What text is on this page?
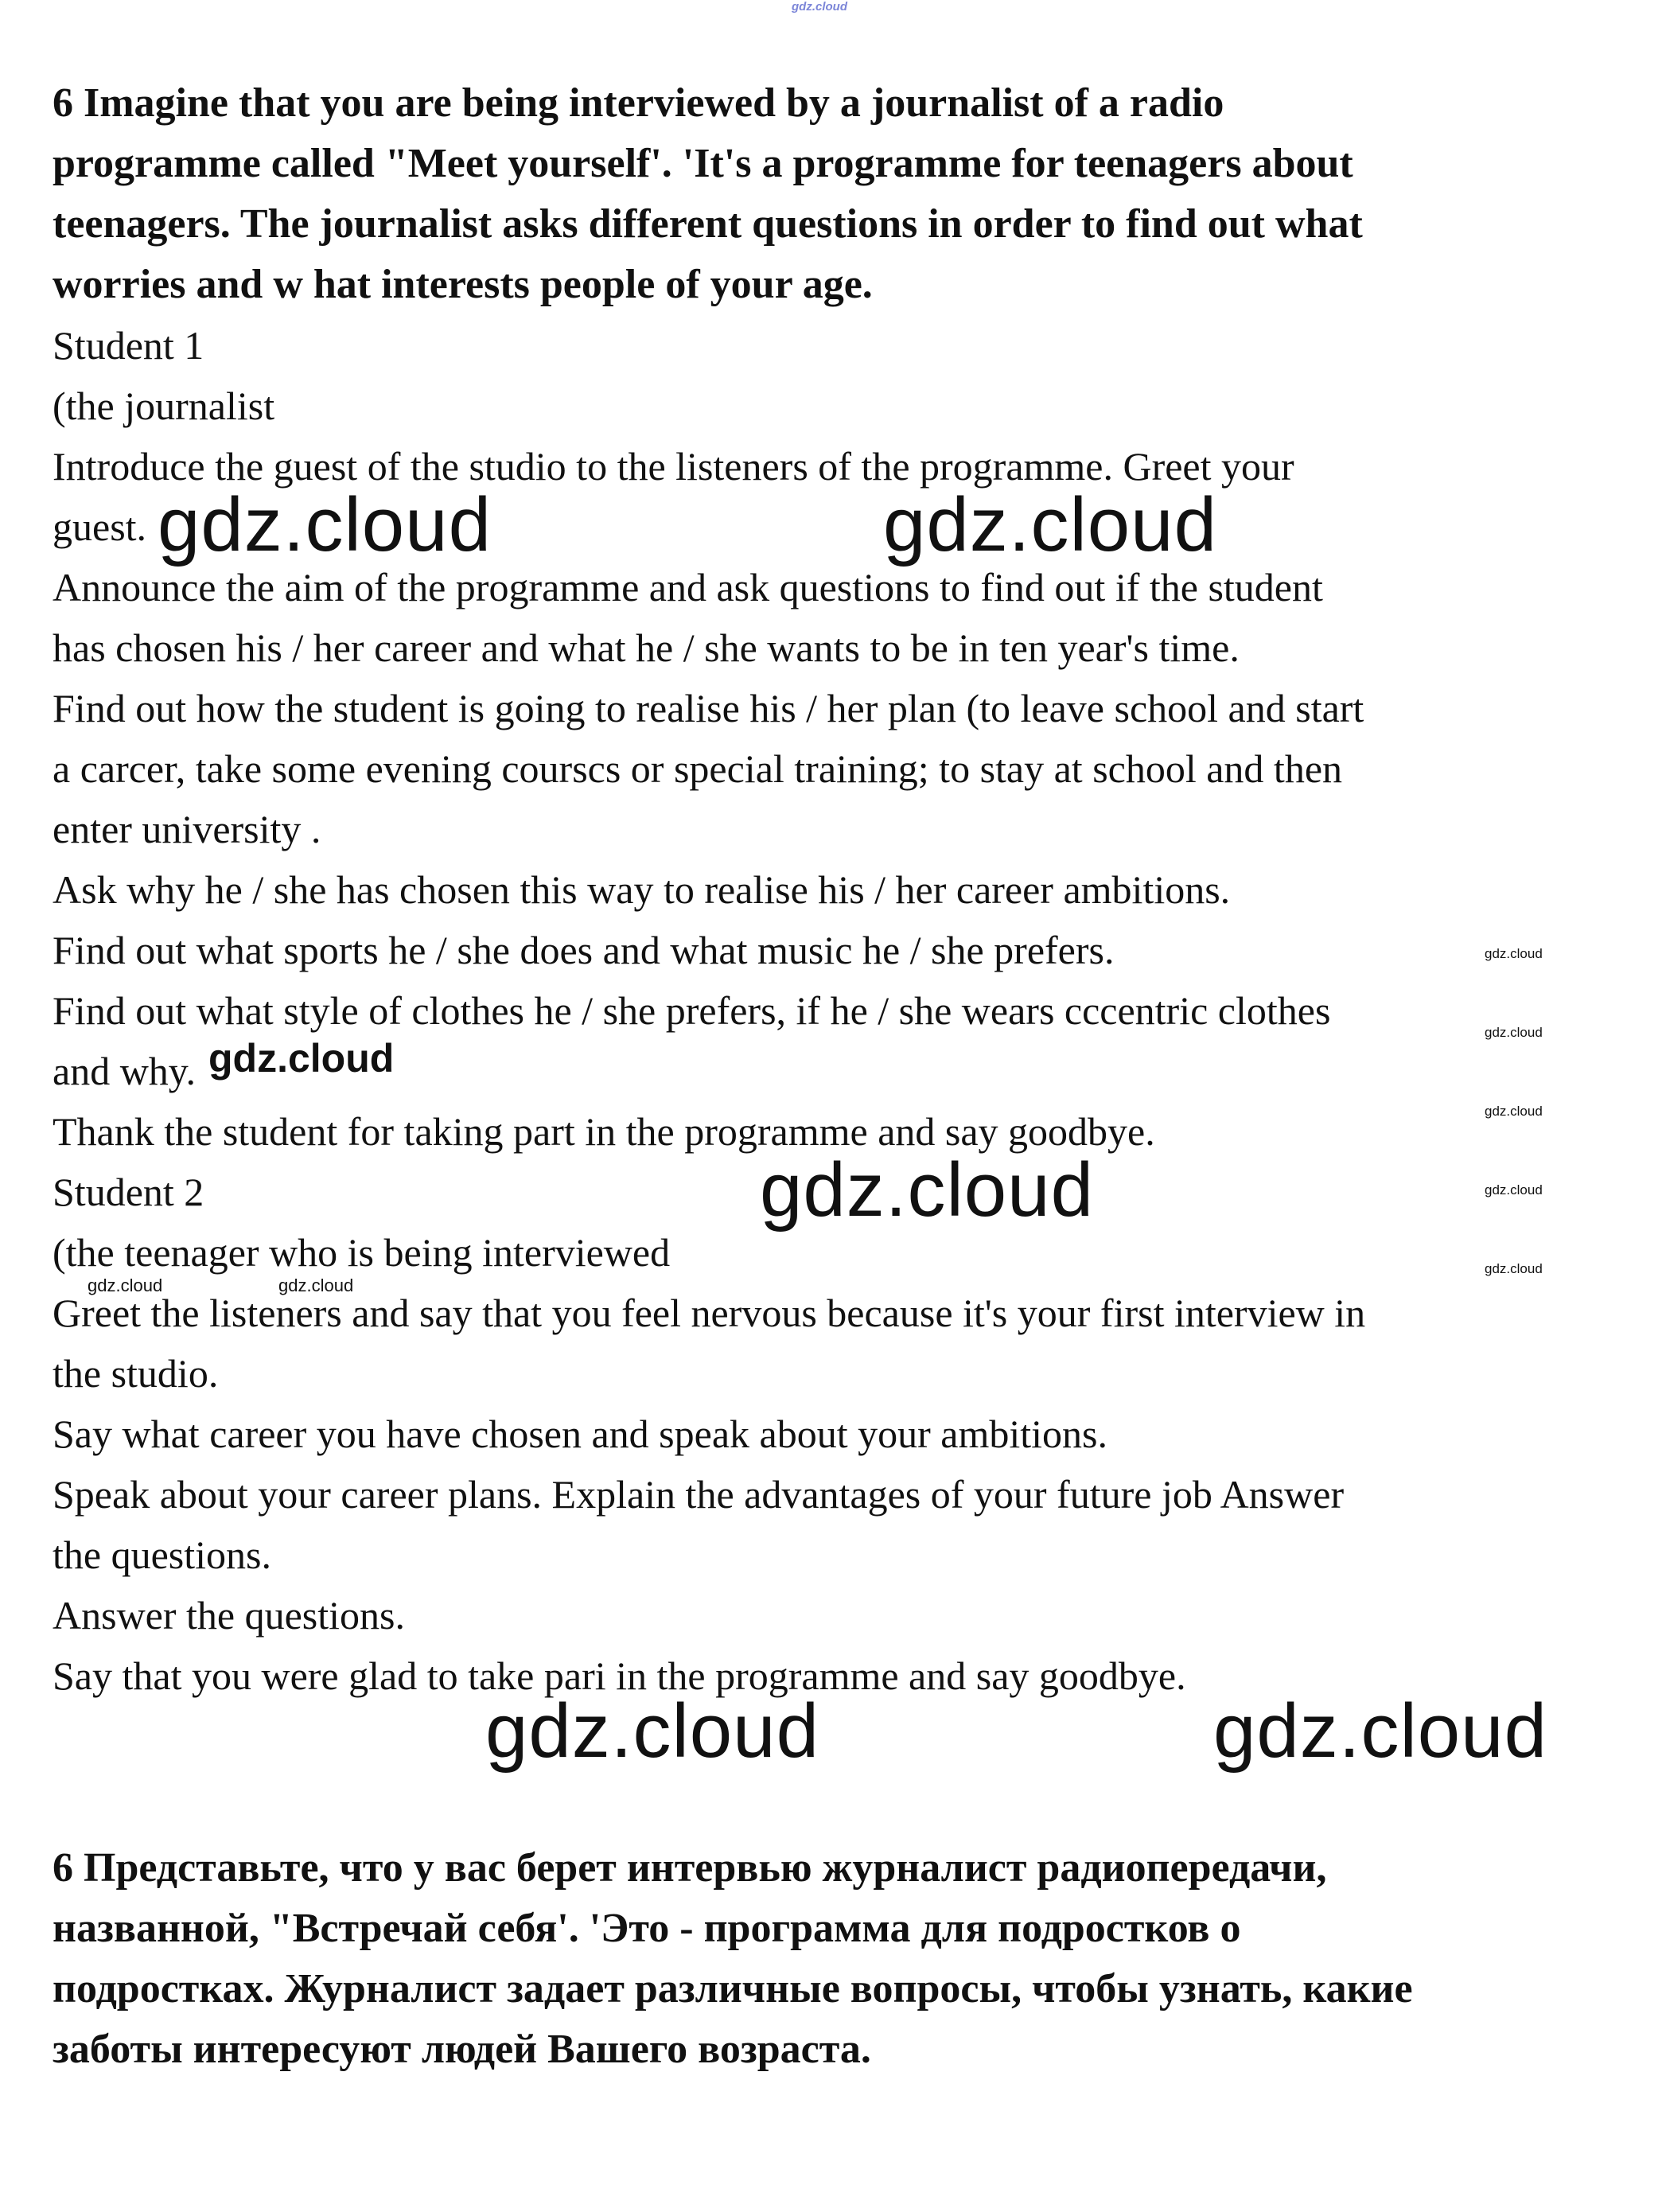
gdz.cloud
6 Imagine that you are being interviewed by a journalist of a radio
programme called "Meet yourself'. 'It's a programme for teenagers about
teenagers. The journalist asks different questions in order to find out what
worries and w hat interests people of your age.
Student 1
(the journalist
Introduce the guest of the studio to the listeners of the programme. Greet your
guest.
Announce the aim of the programme and ask questions to find out if the student
has chosen his / her career and what he / she wants to be in ten year's time.
Find out how the student is going to realise his / her plan (to leave school and start
a carcer, take some evening courscs or special training; to stay at school and then
enter university .
Ask why he / she has chosen this way to realise his / her career ambitions.
Find out what sports he / she does and what music he / she prefers.
Find out what style of clothes he / she prefers, if he / she wears cccentric clothes
and why.
Thank the student for taking part in the programme and say goodbye.
Student 2
(the teenager who is being interviewed
Greet the listeners and say that you feel nervous because it's your first interview in
the studio.
Say what career you have chosen and speak about your ambitions.
Speak about your career plans. Explain the advantages of your future job Answer
the questions.
Answer the questions.
Say that you were glad to take pari in the programme and say goodbye.
6 Представьте, что у вас берет интервью журналист радиопередачи,
названной, "Встречай себя'. 'Это - программа для подростков о
подростках. Журналист задает различные вопросы, чтобы узнать, какие
заботы интересуют людей Вашего возраста.
gdz.cloud	gdz.cloud
gdz.cloud
gdz.cloud
gdz.cloud	gdz.cloud
gdz.cloud	gdz.cloud
gdz.cloud
gdz.cloud
gdz.cloud
gdz.cloud
gdz.cloud
